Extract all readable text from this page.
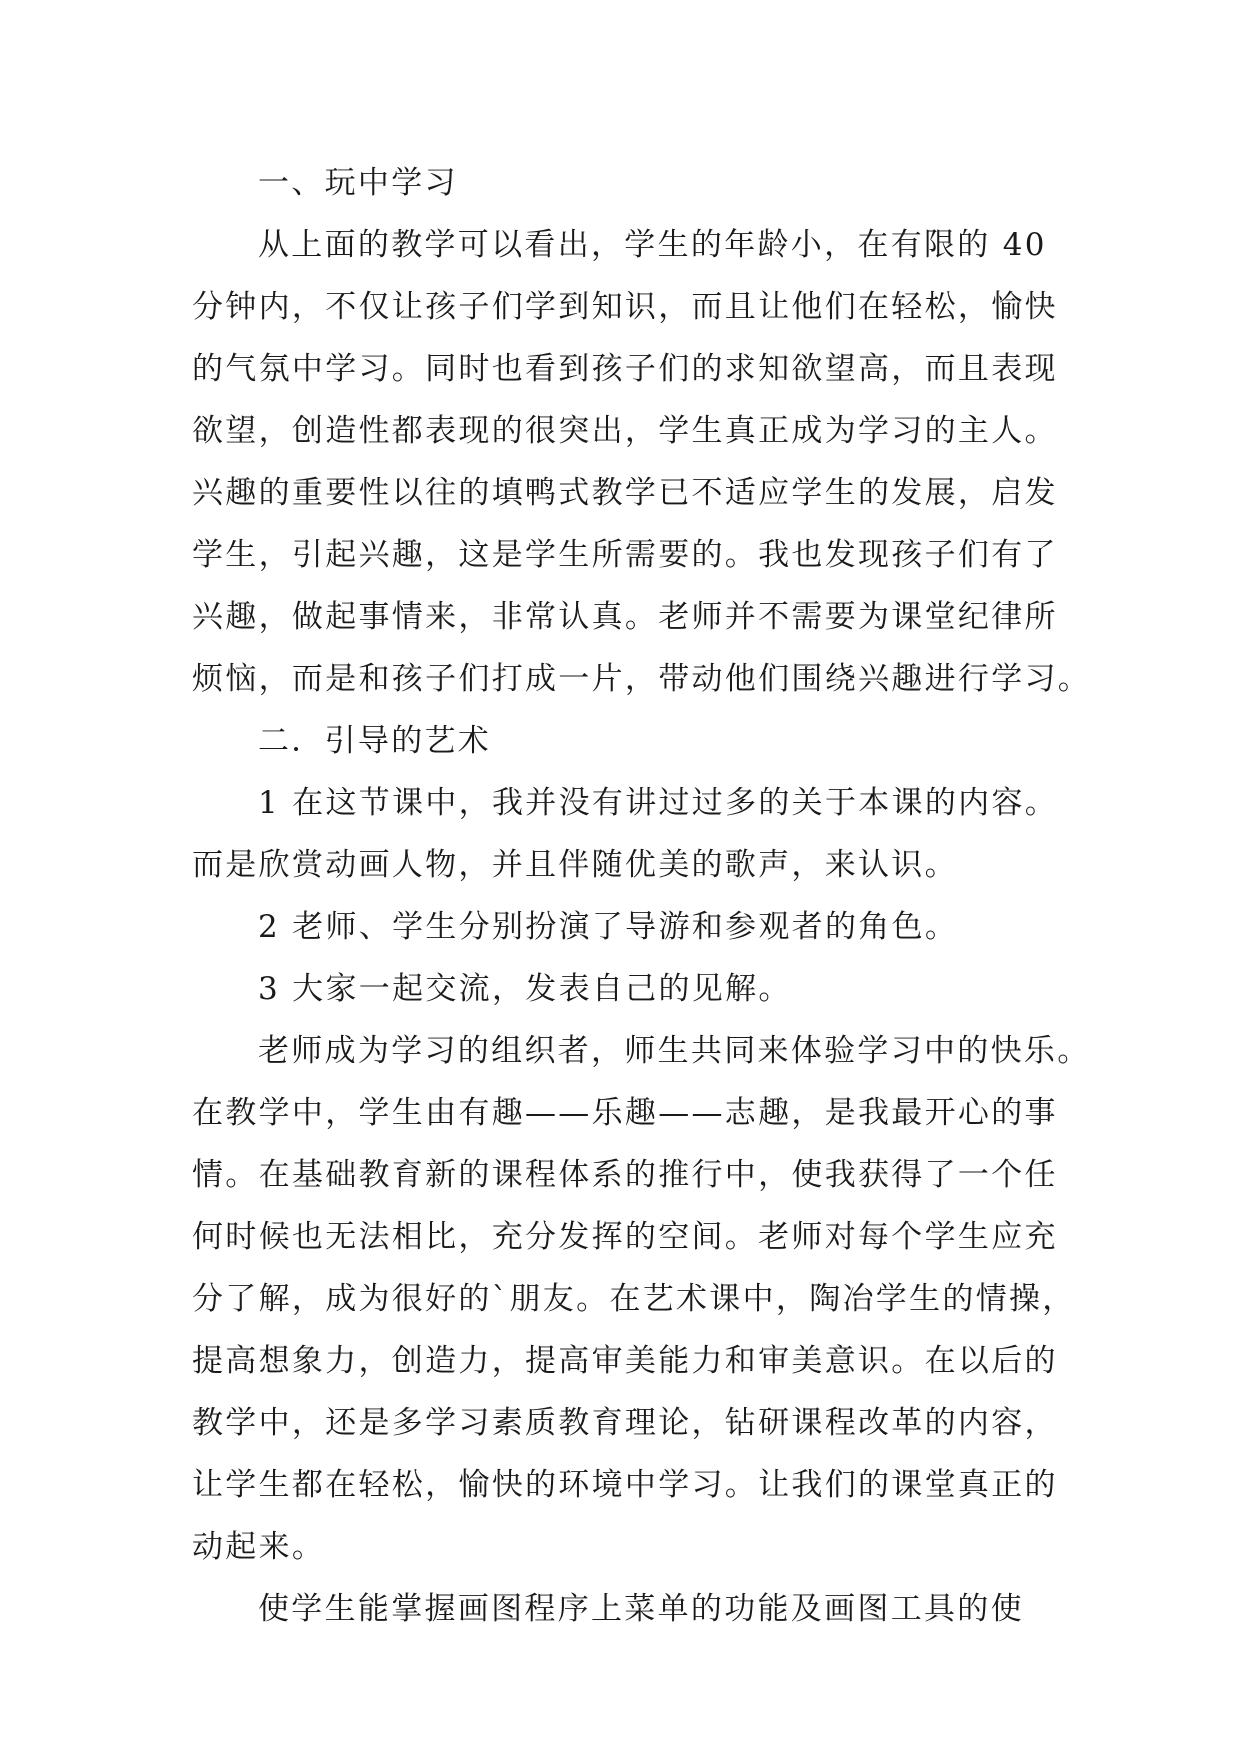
一、玩中学习
从上面的教学可以看出，学生的年龄小，在有限的 40
分钟内，不仅让孩子们学到知识，而且让他们在轻松，愉快
的气氛中学习。同时也看到孩子们的求知欲望高，而且表现
欲望，创造性都表现的很突出，学生真正成为学习的主人。
兴趣的重要性以往的填鸭式教学已不适应学生的发展，启发
学生，引起兴趣，这是学生所需要的。我也发现孩子们有了
兴趣，做起事情来，非常认真。老师并不需要为课堂纪律所
烦恼，而是和孩子们打成一片，带动他们围绕兴趣进行学习。
二．引导的艺术
1 在这节课中，我并没有讲过过多的关于本课的内容。
而是欣赏动画人物，并且伴随优美的歌声，来认识。
2 老师、学生分别扮演了导游和参观者的角色。
3 大家一起交流，发表自己的见解。
老师成为学习的组织者，师生共同来体验学习中的快乐。
在教学中，学生由有趣——乐趣——志趣，是我最开心的事
情。在基础教育新的课程体系的推行中，使我获得了一个任
何时候也无法相比，充分发挥的空间。老师对每个学生应充
分了解，成为很好的`朋友。在艺术课中，陶冶学生的情操，
提高想象力，创造力，提高审美能力和审美意识。在以后的
教学中，还是多学习素质教育理论，钻研课程改革的内容，
让学生都在轻松，愉快的环境中学习。让我们的课堂真正的
动起来。
使学生能掌握画图程序上菜单的功能及画图工具的使
